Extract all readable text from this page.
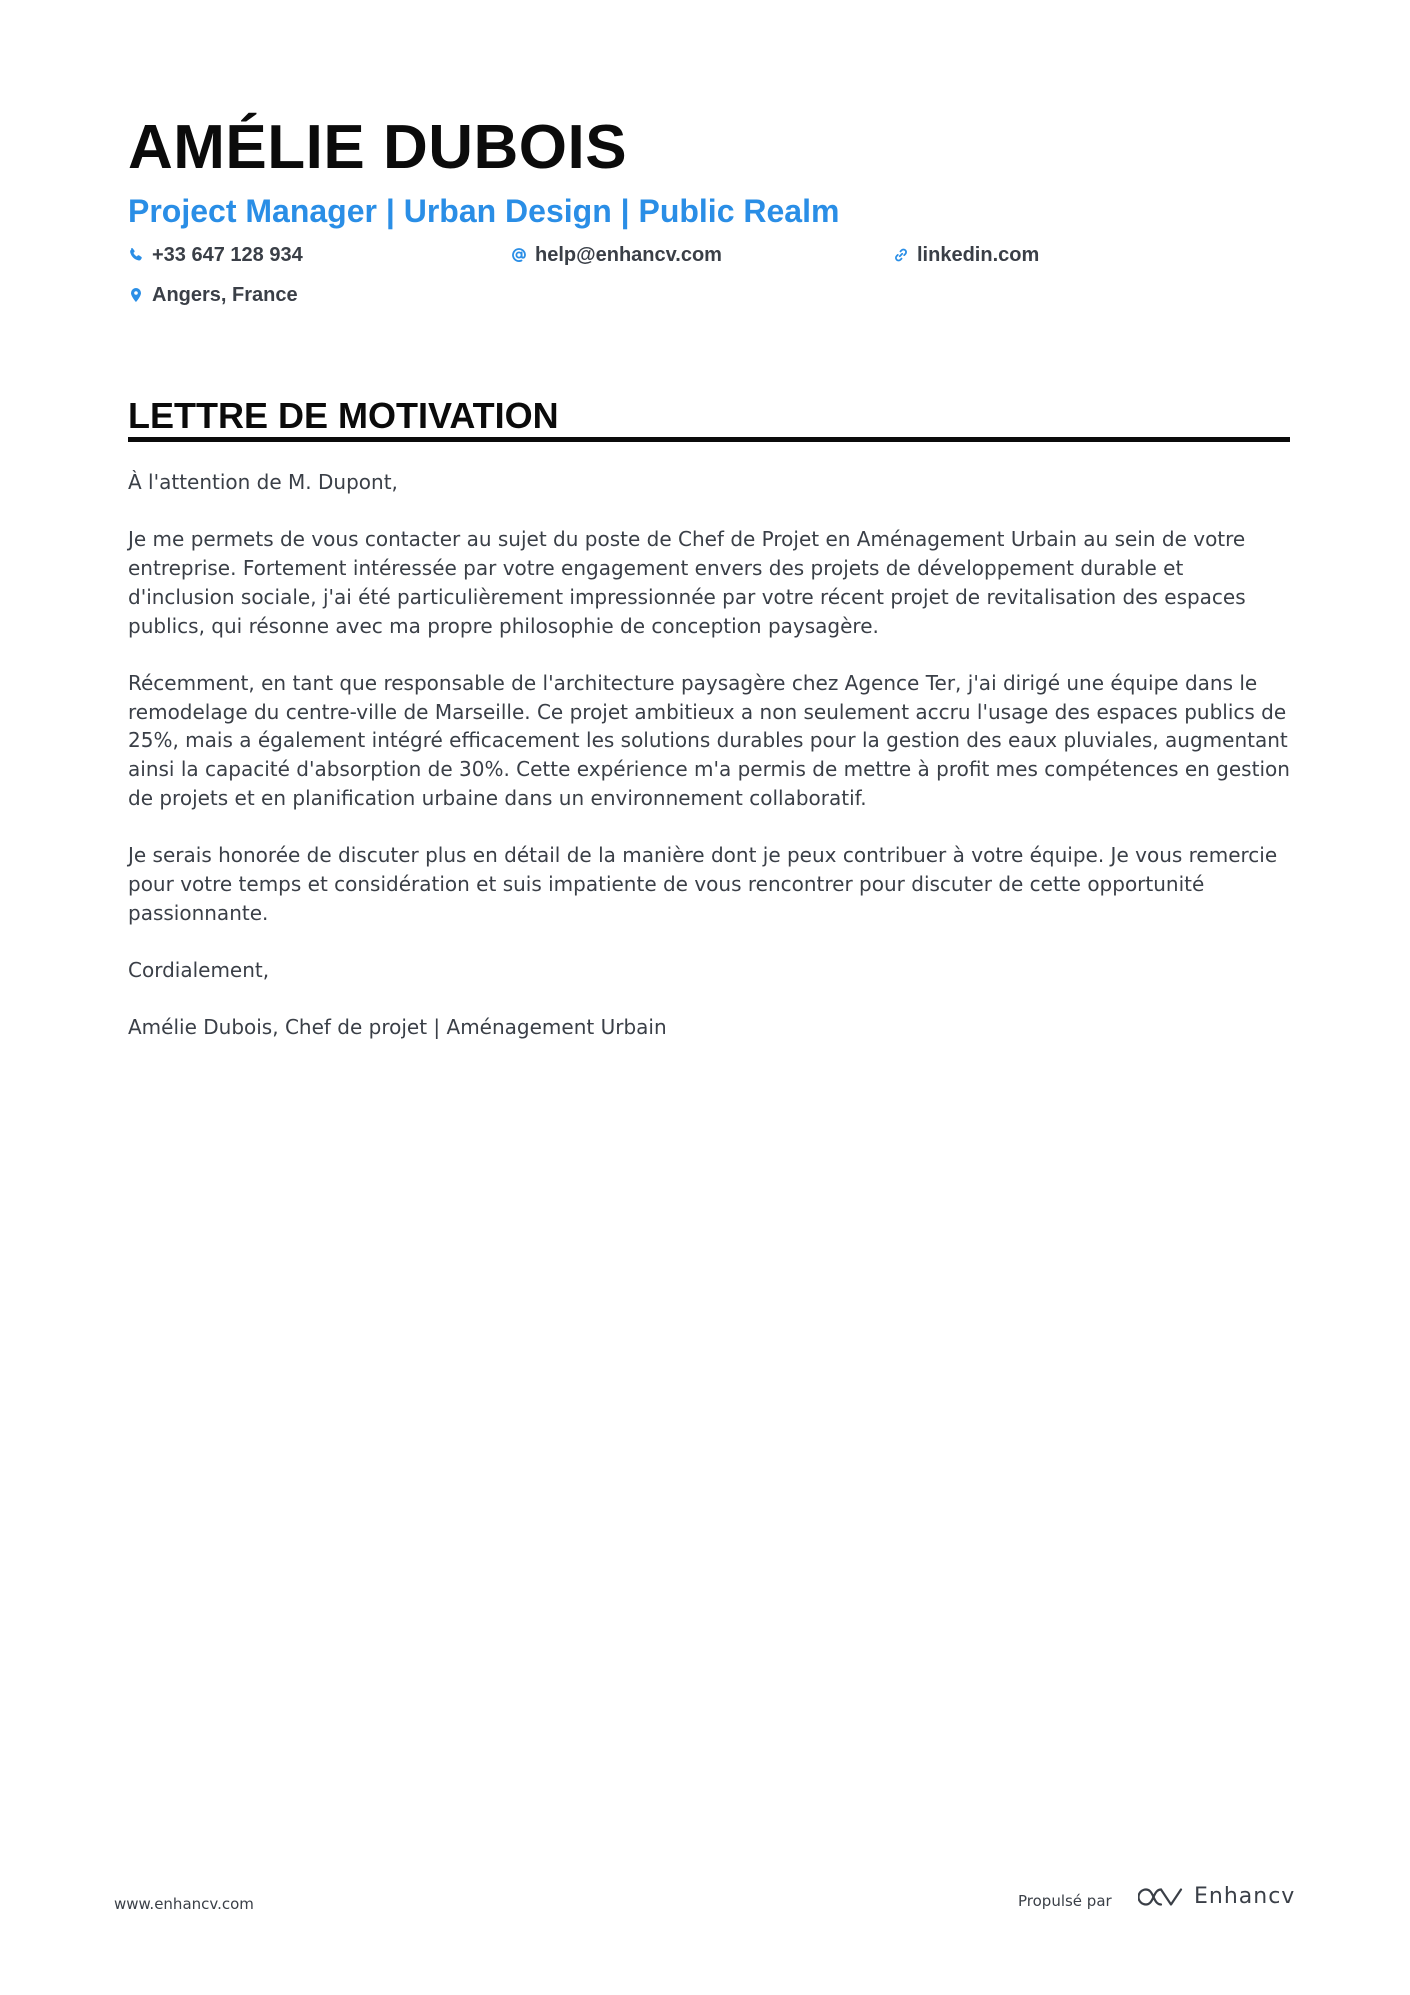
AMÉLIE DUBOIS
Project Manager | Urban Design | Public Realm
+33 647 128 934	help@enhancv.com	linkedin.com
Angers, France
LETTRE DE MOTIVATION

À l'attention de M. Dupont,

Je me permets de vous contacter au sujet du poste de Chef de Projet en Aménagement Urbain au sein de votre entreprise. Fortement intéressée par votre engagement envers des projets de développement durable et d'inclusion sociale, j'ai été particulièrement impressionnée par votre récent projet de revitalisation des espaces publics, qui résonne avec ma propre philosophie de conception paysagère.

Récemment, en tant que responsable de l'architecture paysagère chez Agence Ter, j'ai dirigé une équipe dans le remodelage du centre-ville de Marseille. Ce projet ambitieux a non seulement accru l'usage des espaces publics de 25%, mais a également intégré efficacement les solutions durables pour la gestion des eaux pluviales, augmentant ainsi la capacité d'absorption de 30%. Cette expérience m'a permis de mettre à profit mes compétences en gestion de projets et en planification urbaine dans un environnement collaboratif.

Je serais honorée de discuter plus en détail de la manière dont je peux contribuer à votre équipe. Je vous remercie pour votre temps et considération et suis impatiente de vous rencontrer pour discuter de cette opportunité passionnante.

Cordialement,

Amélie Dubois, Chef de projet | Aménagement Urbain

www.enhancv.com	Propulsé par	Enhancv
